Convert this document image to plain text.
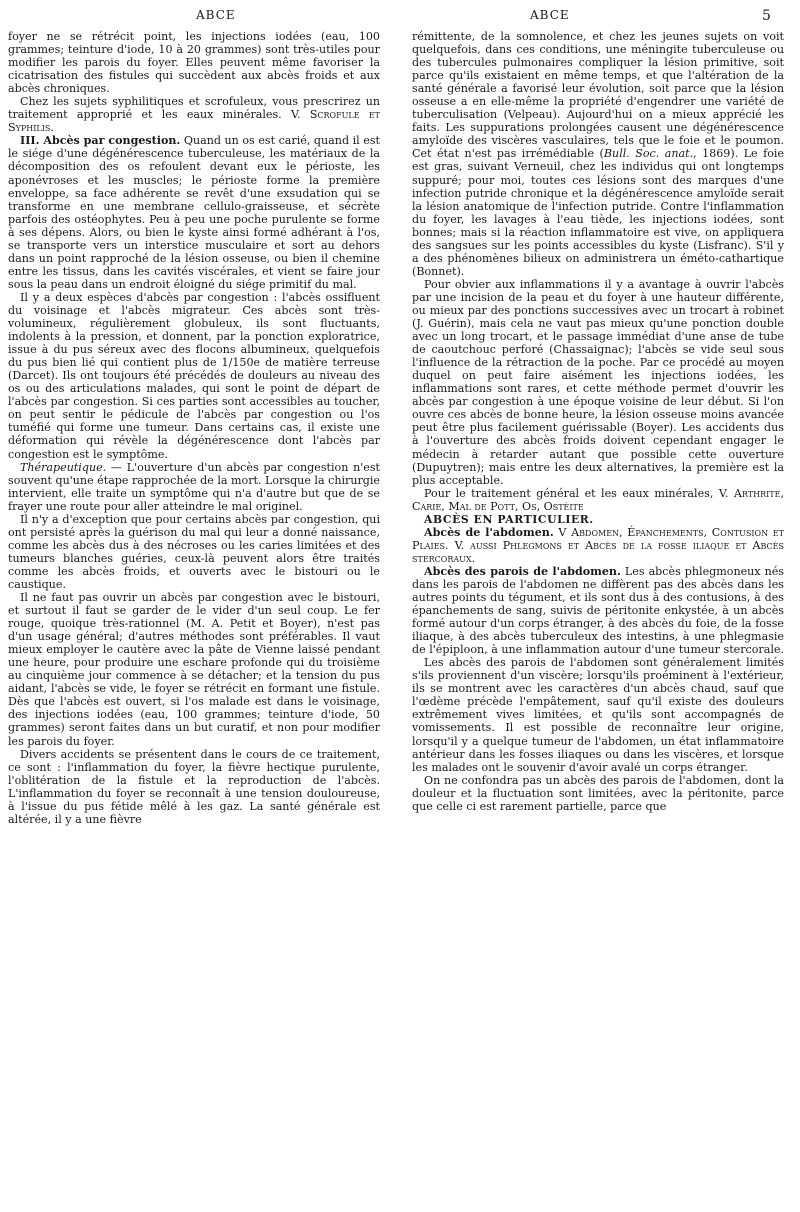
ABCE	ABCE	5

foyer ne se rétrécit point, les injections iodées (eau, 100 grammes; teinture d'iode, 10 à 20 grammes) sont très-utiles pour modifier les parois du foyer. Elles peuvent même favoriser la cicatrisation des fistules qui succèdent aux abcès froids et aux abcès chroniques.

Chez les sujets syphilitiques et scrofuleux, vous prescrirez un traitement approprié et les eaux minérales. V. Scrofule et Syphilis.

III. Abcès par congestion. Quand un os est carié, quand il est le siége d'une dégénérescence tuberculeuse, les matériaux de la décomposition des os refoulent devant eux le périoste, les aponévroses et les muscles; le périoste forme la première enveloppe, sa face adhérente se revêt d'une exsudation qui se transforme en une membrane cellulo-graisseuse, et sécrète parfois des ostéophytes. Peu à peu une poche purulente se forme à ses dépens. Alors, ou bien le kyste ainsi formé adhérant à l'os, se transporte vers un interstice musculaire et sort au dehors dans un point rapproché de la lésion osseuse, ou bien il chemine entre les tissus, dans les cavités viscérales, et vient se faire jour sous la peau dans un endroit éloigné du siége primitif du mal.

Il y a deux espèces d'abcès par congestion : l'abcès ossifluent du voisinage et l'abcès migrateur. Ces abcès sont très-volumineux, régulièrement globuleux, ils sont fluctuants, indolents à la pression, et donnent, par la ponction exploratrice, issue à du pus séreux avec des flocons albumineux, quelquefois du pus bien lié qui contient plus de 1/150e de matière terreuse (Darcet). Ils ont toujours été précédés de douleurs au niveau des os ou des articulations malades, qui sont le point de départ de l'abcès par congestion. Si ces parties sont accessibles au toucher, on peut sentir le pédicule de l'abcès par congestion ou l'os tuméfié qui forme une tumeur. Dans certains cas, il existe une déformation qui révèle la dégénérescence dont l'abcès par congestion est le symptôme.

Thérapeutique. — L'ouverture d'un abcès par congestion n'est souvent qu'une étape rapprochée de la mort. Lorsque la chirurgie intervient, elle traite un symptôme qui n'a d'autre but que de se frayer une route pour aller atteindre le mal originel.

Il n'y a d'exception que pour certains abcès par congestion, qui ont persisté après la guérison du mal qui leur a donné naissance, comme les abcès dus à des nécroses ou les caries limitées et des tumeurs blanches guéries, ceux-là peuvent alors être traités comme les abcès froids, et ouverts avec le bistouri ou le caustique.

Il ne faut pas ouvrir un abcès par congestion avec le bistouri, et surtout il faut se garder de le vider d'un seul coup. Le fer rouge, quoique très-rationnel (M. A. Petit et Boyer), n'est pas d'un usage général; d'autres méthodes sont préférables. Il vaut mieux employer le cautère avec la pâte de Vienne laissé pendant une heure, pour produire une eschare profonde qui du troisième au cinquième jour commence à se détacher; et la tension du pus aidant, l'abcès se vide, le foyer se rétrécit en formant une fistule. Dès que l'abcès est ouvert, si l'os malade est dans le voisinage, des injections iodées (eau, 100 grammes; teinture d'iode, 50 grammes) seront faites dans un but curatif, et non pour modifier les parois du foyer.

Divers accidents se présentent dans le cours de ce traitement, ce sont : l'inflammation du foyer, la fièvre hectique purulente, l'oblitération de la fistule et la reproduction de l'abcès. L'inflammation du foyer se reconnaît à une tension douloureuse, à l'issue du pus fétide mêlé à les gaz. La santé générale est altérée, il y a une fièvre

rémittente, de la somnolence, et chez les jeunes sujets on voit quelquefois, dans ces conditions, une méningite tuberculeuse ou des tubercules pulmonaires compliquer la lésion primitive, soit parce qu'ils existaient en même temps, et que l'altération de la santé générale a favorisé leur évolution, soit parce que la lésion osseuse a en elle-même la propriété d'engendrer une variété de tuberculisation (Velpeau). Aujourd'hui on a mieux apprécié les faits. Les suppurations prolongées causent une dégénérescence amyloïde des viscères vasculaires, tels que le foie et le poumon. Cet état n'est pas irrémédiable (Bull. Soc. anat., 1869). Le foie est gras, suivant Verneuil, chez les individus qui ont longtemps suppuré; pour moi, toutes ces lésions sont des marques d'une infection putride chronique et la dégénérescence amyloïde serait la lésion anatomique de l'infection putride. Contre l'inflammation du foyer, les lavages à l'eau tiède, les injections iodées, sont bonnes; mais si la réaction inflammatoire est vive, on appliquera des sangsues sur les points accessibles du kyste (Lisfranc). S'il y a des phénomènes bilieux on administrera un éméto-cathartique (Bonnet).

Pour obvier aux inflammations il y a avantage à ouvrir l'abcès par une incision de la peau et du foyer à une hauteur différente, ou mieux par des ponctions successives avec un trocart à robinet (J. Guérin), mais cela ne vaut pas mieux qu'une ponction double avec un long trocart, et le passage immédiat d'une anse de tube de caoutchouc perforé (Chassaignac); l'abcès se vide seul sous l'influence de la rétraction de la poche. Par ce procédé au moyen duquel on peut faire aisément les injections iodées, les inflammations sont rares, et cette méthode permet d'ouvrir les abcès par congestion à une époque voisine de leur début. Si l'on ouvre ces abcès de bonne heure, la lésion osseuse moins avancée peut être plus facilement guérissable (Boyer). Les accidents dus à l'ouverture des abcès froids doivent cependant engager le médecin à retarder autant que possible cette ouverture (Dupuytren); mais entre les deux alternatives, la première est la plus acceptable.

Pour le traitement général et les eaux minérales, V. Arthrite, Carie, Mal de Pott, Os, Ostéite

ABCÈS EN PARTICULIER.

Abcès de l'abdomen. V Abdomen, Épanchements, Contusion et Plaies. V. aussi Phlegmons et Abcès de la fosse iliaque et Abcès stercoraux.

Abcès des parois de l'abdomen. Les abcès phlegmoneux nés dans les parois de l'abdomen ne diffèrent pas des abcès dans les autres points du tégument, et ils sont dus à des contusions, à des épanchements de sang, suivis de péritonite enkystée, à un abcès formé autour d'un corps étranger, à des abcès du foie, de la fosse iliaque, à des abcès tuberculeux des intestins, à une phlegmasie de l'épiploon, à une inflammation autour d'une tumeur stercorale.

Les abcès des parois de l'abdomen sont généralement limités s'ils proviennent d'un viscère; lorsqu'ils proéminent à l'extérieur, ils se montrent avec les caractères d'un abcès chaud, sauf que l'œdème précède l'empâtement, sauf qu'il existe des douleurs extrêmement vives limitées, et qu'ils sont accompagnés de vomissements. Il est possible de reconnaître leur origine, lorsqu'il y a quelque tumeur de l'abdomen, un état inflammatoire antérieur dans les fosses iliaques ou dans les viscères, et lorsque les malades ont le souvenir d'avoir avalé un corps étranger.

On ne confondra pas un abcès des parois de l'abdomen, dont la douleur et la fluctuation sont limitées, avec la péritonite, parce que celle ci est rarement partielle, parce que
